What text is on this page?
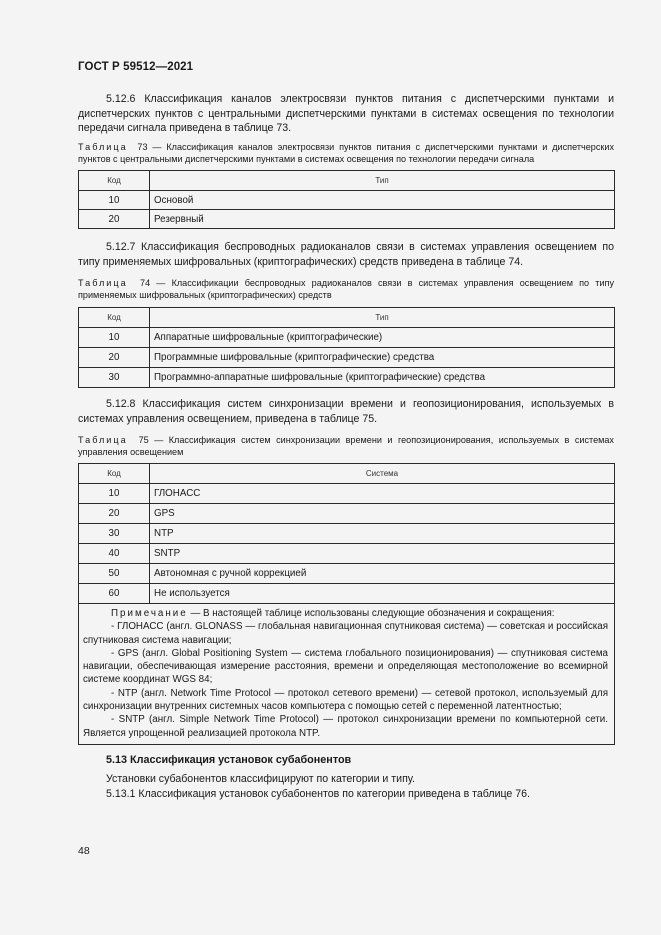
ГОСТ Р 59512—2021
5.12.6 Классификация каналов электросвязи пунктов питания с диспетчерскими пунктами и диспетчерских пунктов с центральными диспетчерскими пунктами в системах освещения по технологии передачи сигнала приведена в таблице 73.
Таблица 73 — Классификация каналов электросвязи пунктов питания с диспетчерскими пунктами и диспетчерских пунктов с центральными диспетчерскими пунктами в системах освещения по технологии передачи сигнала
Код	Тип
10	Основой
20	Резервный
5.12.7 Классификация беспроводных радиоканалов связи в системах управления освещением по типу применяемых шифровальных (криптографических) средств приведена в таблице 74.
Таблица 74 — Классификации беспроводных радиоканалов связи в системах управления освещением по типу применяемых шифровальных (криптографических) средств
Код	Тип
10	Аппаратные шифровальные (криптографические)
20	Программные шифровальные (криптографические) средства
30	Программно-аппаратные шифровальные (криптографические) средства
5.12.8 Классификация систем синхронизации времени и геопозиционирования, используемых в системах управления освещением, приведена в таблице 75.
Таблица 75 — Классификация систем синхронизации времени и геопозиционирования, используемых в системах управления освещением
Код	Система
10	ГЛОНАСС
20	GPS
30	NTP
40	SNTP
50	Автономная с ручной коррекцией
60	Не используется

Примечание — В настоящей таблице использованы следующие обозначения и сокращения:

- ГЛОНАСС (англ. GLONASS — глобальная навигационная спутниковая система) — советская и российская спутниковая система навигации;

- GPS (англ. Global Positioning System — система глобального позиционирования) — спутниковая система навигации, обеспечивающая измерение расстояния, времени и определяющая местоположение во всемирной системе координат WGS 84;

- NTP (англ. Network Time Protocol — протокол сетевого времени) — сетевой протокол, используемый для синхронизации внутренних системных часов компьютера с помощью сетей с переменной латентностью;

- SNTP (англ. Simple Network Time Protocol) — протокол синхронизации времени по компьютерной сети. Является упрощенной реализацией протокола NTP.	

5.13 Классификация установок субабонентов
Установки субабонентов классифицируют по категории и типу.
5.13.1 Классификация установок субабонентов по категории приведена в таблице 76.
48
